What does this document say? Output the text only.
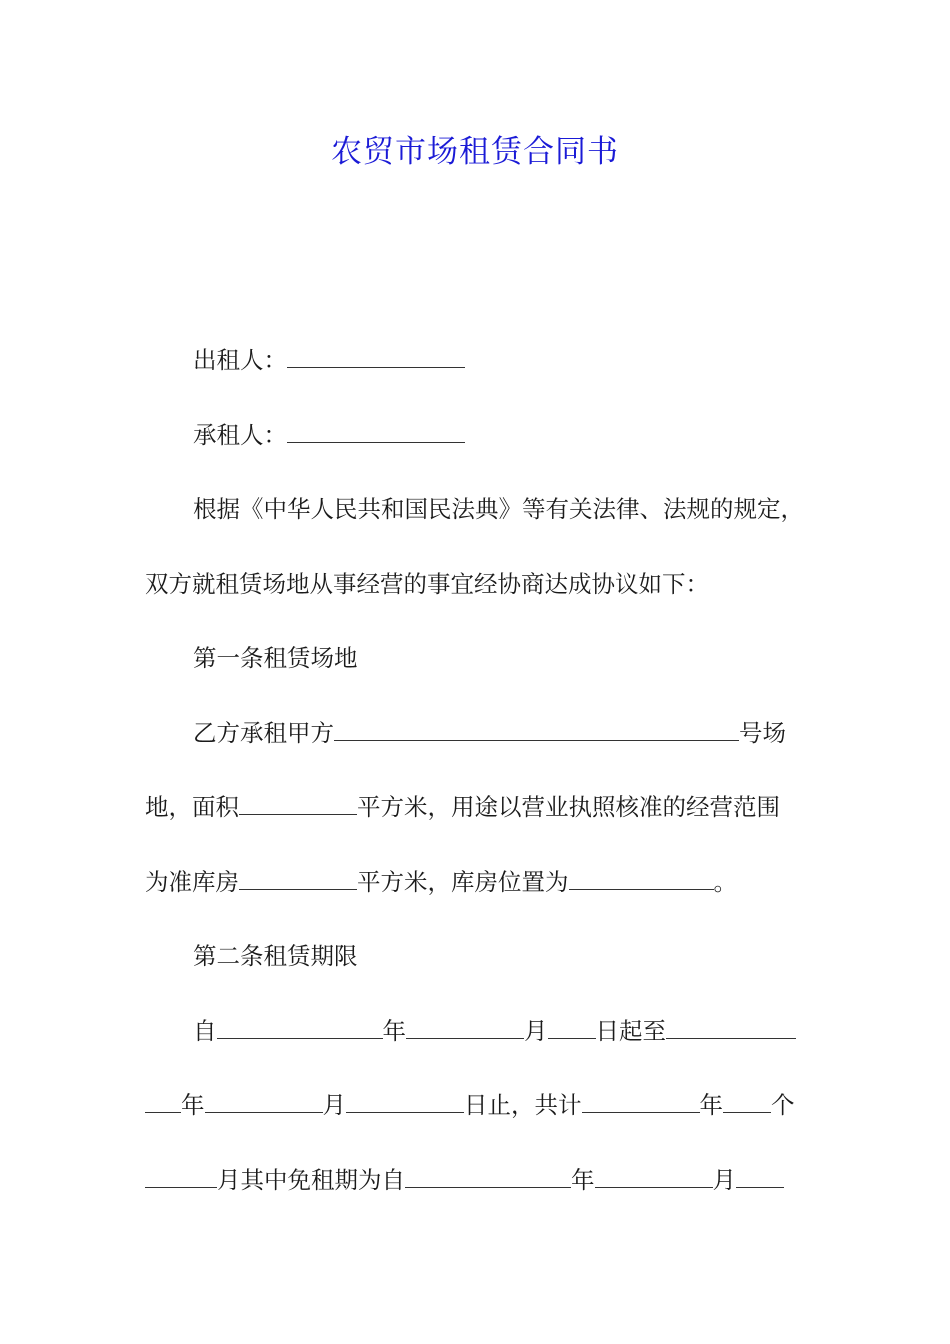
农贸市场租赁合同书
出租人：
承租人：
根据《中华人民共和国民法典》等有关法律、法规的规定，
双方就租赁场地从事经营的事宜经协商达成协议如下：
第一条租赁场地
乙方承租甲方	号场
地，面积	平方米，用途以营业执照核准的经营范围
为准库房	平方米，库房位置为	。
第二条租赁期限
自	年	月 日起至
年	月	日止，共计	年 个
月其中免租期为自	年	月
